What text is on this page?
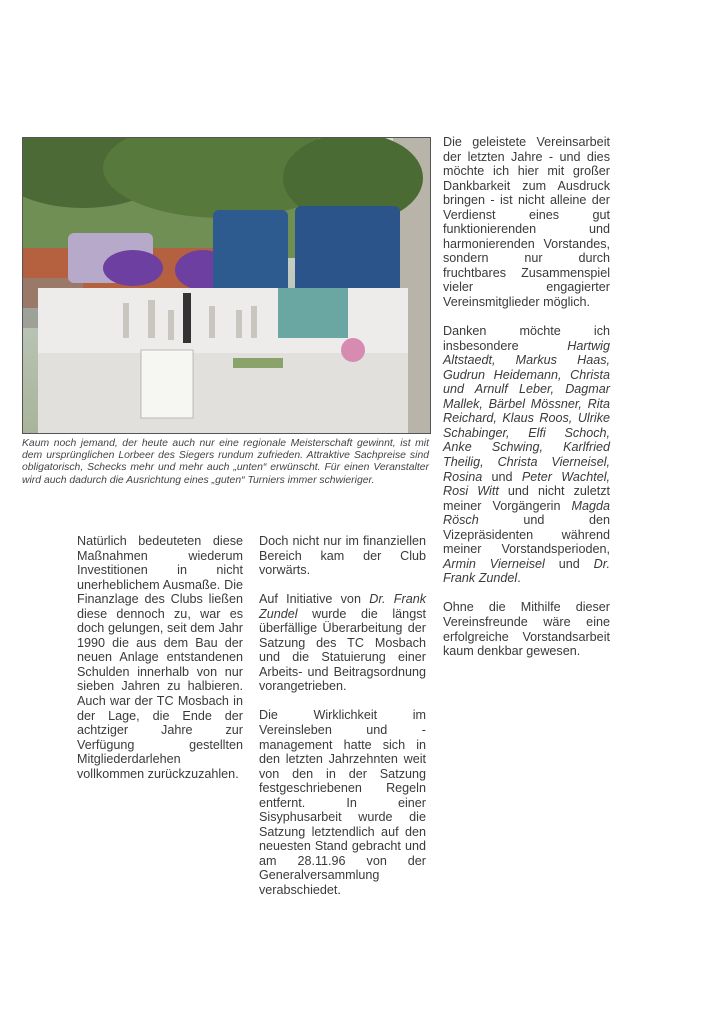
Kaum noch jemand, der heute auch nur eine regionale Meisterschaft gewinnt, ist mit dem ursprünglichen Lorbeer des Siegers rundum zufrieden. Attraktive Sachpreise sind obligatorisch, Schecks mehr und mehr auch „unten“ erwünscht. Für einen Veranstalter wird auch dadurch die Ausrichtung eines „guten“ Turniers immer schwieriger.

Natürlich bedeuteten diese Maßnahmen wiederum Investitionen in nicht unerheblichem Ausmaße. Die Finanzlage des Clubs ließen diese dennoch zu, war es doch gelungen, seit dem Jahr 1990 die aus dem Bau der neuen Anlage entstandenen Schulden innerhalb von nur sieben Jahren zu halbieren. Auch war der TC Mosbach in der Lage, die Ende der achtziger Jahre zur Verfügung gestellten Mitgliederdarlehen vollkommen zurückzuzahlen.

Doch nicht nur im finanziellen Bereich kam der Club vorwärts.

Auf Initiative von Dr. Frank Zundel wurde die längst überfällige Überarbeitung der Satzung des TC Mosbach und die Statuierung einer Arbeits- und Beitragsordnung vorangetrieben.

Die Wirklichkeit im Vereinsleben und -management hatte sich in den letzten Jahrzehnten weit von den in der Satzung festgeschriebenen Regeln entfernt. In einer Sisyphusarbeit wurde die Satzung letztendlich auf den neuesten Stand gebracht und am 28.11.96 von der Generalversammlung verabschiedet.

Die geleistete Vereinsarbeit der letzten Jahre - und dies möchte ich hier mit großer Dankbarkeit zum Ausdruck bringen - ist nicht alleine der Verdienst eines gut funktionierenden und harmonierenden Vorstandes, sondern nur durch fruchtbares Zusammenspiel vieler engagierter Vereinsmitglieder möglich.

Danken möchte ich insbesondere Hartwig Altstaedt, Markus Haas, Gudrun Heidemann, Christa und Arnulf Leber, Dagmar Mallek, Bärbel Mössner, Rita Reichard, Klaus Roos, Ulrike Schabinger, Elfi Schoch, Anke Schwing, Karlfried Theilig, Christa Vierneisel, Rosina und Peter Wachtel, Rosi Witt und nicht zuletzt meiner Vorgängerin Magda Rösch und den Vizepräsidenten während meiner Vorstandsperioden, Armin Vierneisel und Dr. Frank Zundel.

Ohne die Mithilfe dieser Vereinsfreunde wäre eine erfolgreiche Vorstandsarbeit kaum denkbar gewesen.
